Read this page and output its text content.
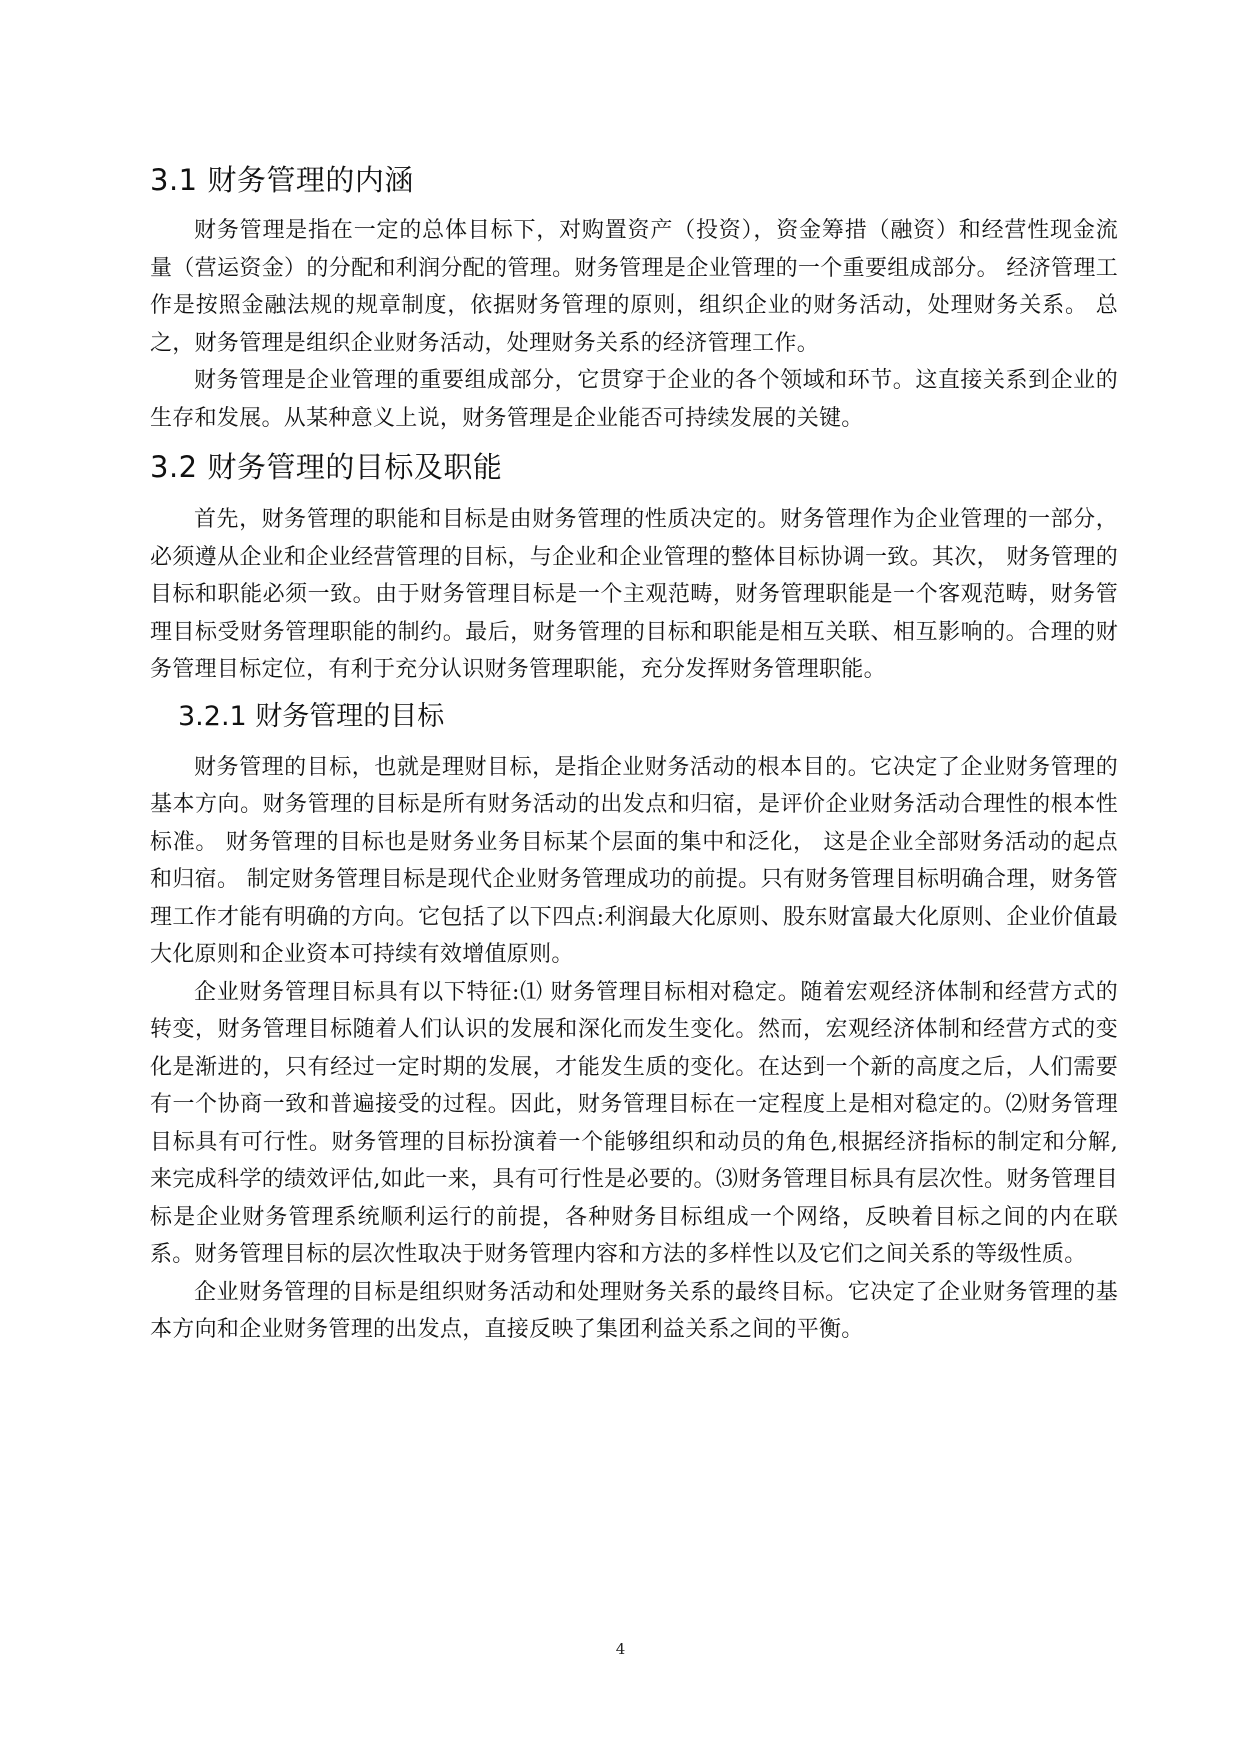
3.1 财务管理的内涵

财务管理是指在一定的总体目标下，对购置资产（投资），资金筹措（融资）和经营性现金流量（营运资金）的分配和利润分配的管理。财务管理是企业管理的一个重要组成部分。 经济管理工作是按照金融法规的规章制度，依据财务管理的原则，组织企业的财务活动，处理财务关系。 总之，财务管理是组织企业财务活动，处理财务关系的经济管理工作。

财务管理是企业管理的重要组成部分，它贯穿于企业的各个领域和环节。这直接关系到企业的生存和发展。从某种意义上说，财务管理是企业能否可持续发展的关键。

3.2 财务管理的目标及职能

首先，财务管理的职能和目标是由财务管理的性质决定的。财务管理作为企业管理的一部分，必须遵从企业和企业经营管理的目标，与企业和企业管理的整体目标协调一致。其次， 财务管理的目标和职能必须一致。由于财务管理目标是一个主观范畴，财务管理职能是一个客观范畴，财务管理目标受财务管理职能的制约。最后，财务管理的目标和职能是相互关联、相互影响的。合理的财务管理目标定位，有利于充分认识财务管理职能，充分发挥财务管理职能。

3.2.1 财务管理的目标

财务管理的目标，也就是理财目标，是指企业财务活动的根本目的。它决定了企业财务管理的基本方向。财务管理的目标是所有财务活动的出发点和归宿，是评价企业财务活动合理性的根本性标准。 财务管理的目标也是财务业务目标某个层面的集中和泛化， 这是企业全部财务活动的起点和归宿。 制定财务管理目标是现代企业财务管理成功的前提。只有财务管理目标明确合理，财务管理工作才能有明确的方向。它包括了以下四点:利润最大化原则、股东财富最大化原则、企业价值最大化原则和企业资本可持续有效增值原则。

企业财务管理目标具有以下特征:⑴ 财务管理目标相对稳定。随着宏观经济体制和经营方式的转变，财务管理目标随着人们认识的发展和深化而发生变化。然而，宏观经济体制和经营方式的变化是渐进的，只有经过一定时期的发展，才能发生质的变化。在达到一个新的高度之后，人们需要有一个协商一致和普遍接受的过程。因此，财务管理目标在一定程度上是相对稳定的。⑵财务管理目标具有可行性。财务管理的目标扮演着一个能够组织和动员的角色,根据经济指标的制定和分解,来完成科学的绩效评估,如此一来，具有可行性是必要的。⑶财务管理目标具有层次性。财务管理目标是企业财务管理系统顺利运行的前提，各种财务目标组成一个网络，反映着目标之间的内在联系。财务管理目标的层次性取决于财务管理内容和方法的多样性以及它们之间关系的等级性质。

企业财务管理的目标是组织财务活动和处理财务关系的最终目标。它决定了企业财务管理的基本方向和企业财务管理的出发点，直接反映了集团利益关系之间的平衡。

4
